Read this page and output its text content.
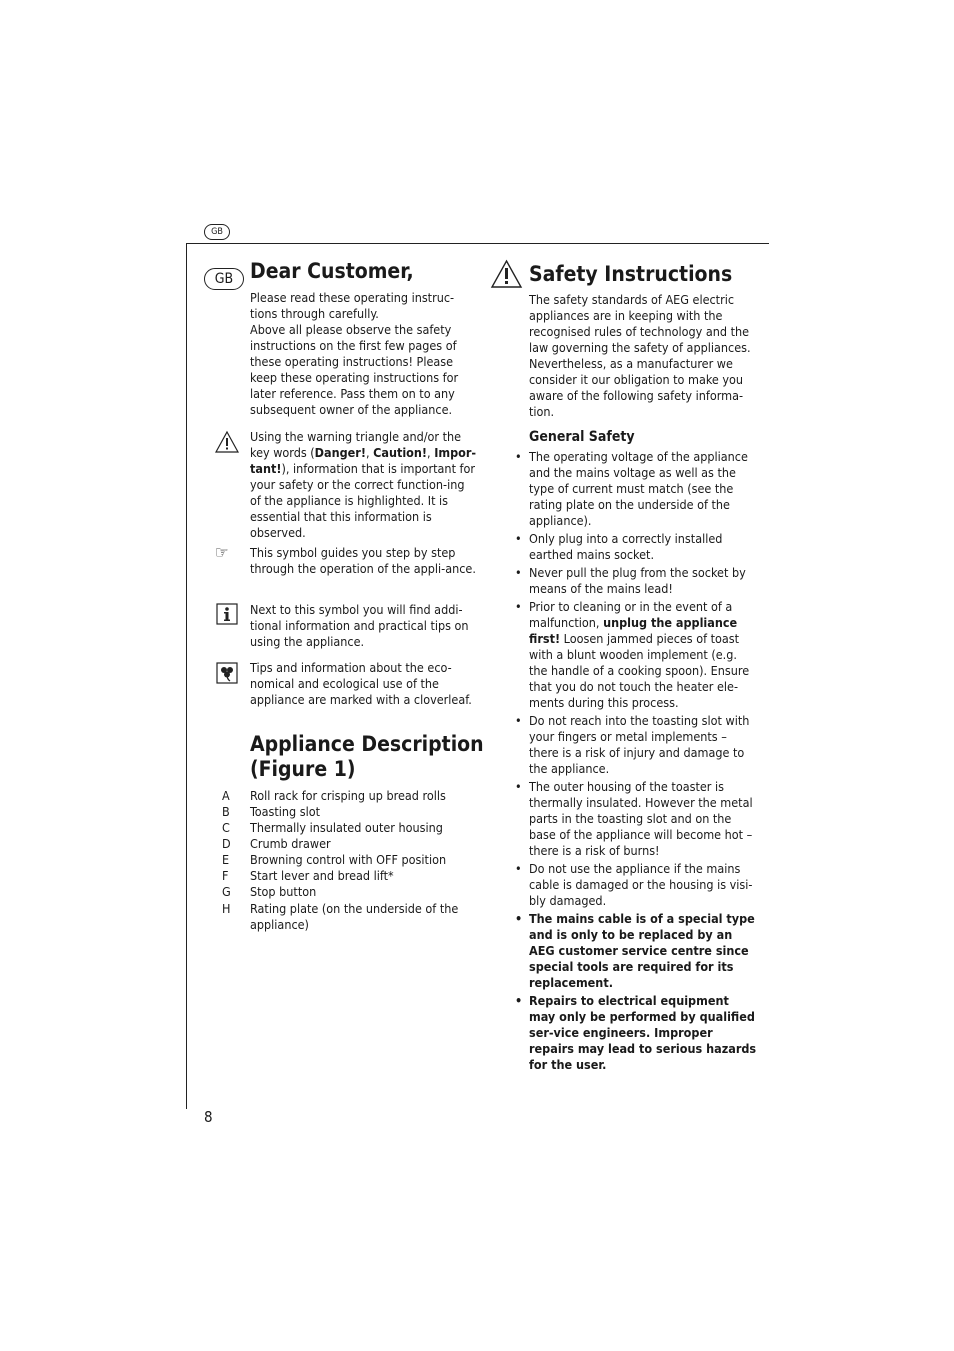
GB
GB Dear Customer,

Please read these operating instruc-tions through carefully.

Above all please observe the safety instructions on the first few pages of these operating instructions! Please keep these operating instructions for later reference. Pass them on to any subsequent owner of the appliance.

Using the warning triangle and/or the key words (Danger!, Caution!, Impor-tant!), information that is important for your safety or the correct function-ing of the appliance is highlighted. It is essential that this information is observed.

☞ This symbol guides you step by step through the operation of the appli-ance.

Next to this symbol you will find addi-tional information and practical tips on using the appliance.

Tips and information about the eco-nomical and ecological use of the appliance are marked with a cloverleaf.

Appliance Description
(Figure 1)
A	Roll rack for crisping up bread rolls
B	Toasting slot
C	Thermally insulated outer housing
D	Crumb drawer
E	Browning control with OFF position
F	Start lever and bread lift*
G	Stop button
H	Rating plate (on the underside of the appliance)
Safety Instructions

The safety standards of AEG electric appliances are in keeping with the recognised rules of technology and the law governing the safety of appliances. Nevertheless, as a manufacturer we consider it our obligation to make you aware of the following safety informa-tion.

General Safety
• The operating voltage of the appliance and the mains voltage as well as the type of current must match (see the rating plate on the underside of the appliance).
• Only plug into a correctly installed earthed mains socket.
• Never pull the plug from the socket by means of the mains lead!
• Prior to cleaning or in the event of a malfunction, unplug the appliance first! Loosen jammed pieces of toast with a blunt wooden implement (e.g. the handle of a cooking spoon). Ensure that you do not touch the heater ele-ments during this process.
• Do not reach into the toasting slot with your fingers or metal implements – there is a risk of injury and damage to the appliance.
• The outer housing of the toaster is thermally insulated. However the metal parts in the toasting slot and on the base of the appliance will become hot – there is a risk of burns!
• Do not use the appliance if the mains cable is damaged or the housing is visi-bly damaged.
• The mains cable is of a special type and is only to be replaced by an AEG customer service centre since special tools are required for its replacement.
• Repairs to electrical equipment may only be performed by qualified ser-vice engineers. Improper repairs may lead to serious hazards for the user.
8
